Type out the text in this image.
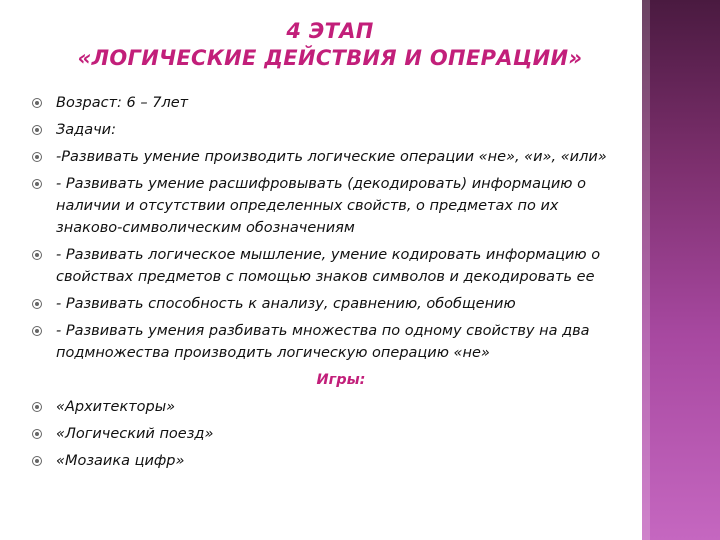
4 ЭТАП
«ЛОГИЧЕСКИЕ ДЕЙСТВИЯ И ОПЕРАЦИИ»
Возраст: 6 – 7лет
Задачи:
-Развивать умение производить логические операции «не», «и», «или»
- Развивать умение расшифровывать (декодировать) информацию о наличии и отсутствии определенных свойств, о предметах по их знаково-символическим обозначениям
- Развивать логическое мышление, умение кодировать информацию о свойствах предметов с помощью знаков символов и декодировать ее
- Развивать способность к анализу, сравнению, обобщению
- Развивать умения разбивать множества по одному свойству на два подмножества производить логическую операцию «не»
Игры:
«Архитекторы»
«Логический поезд»
«Мозаика цифр»
